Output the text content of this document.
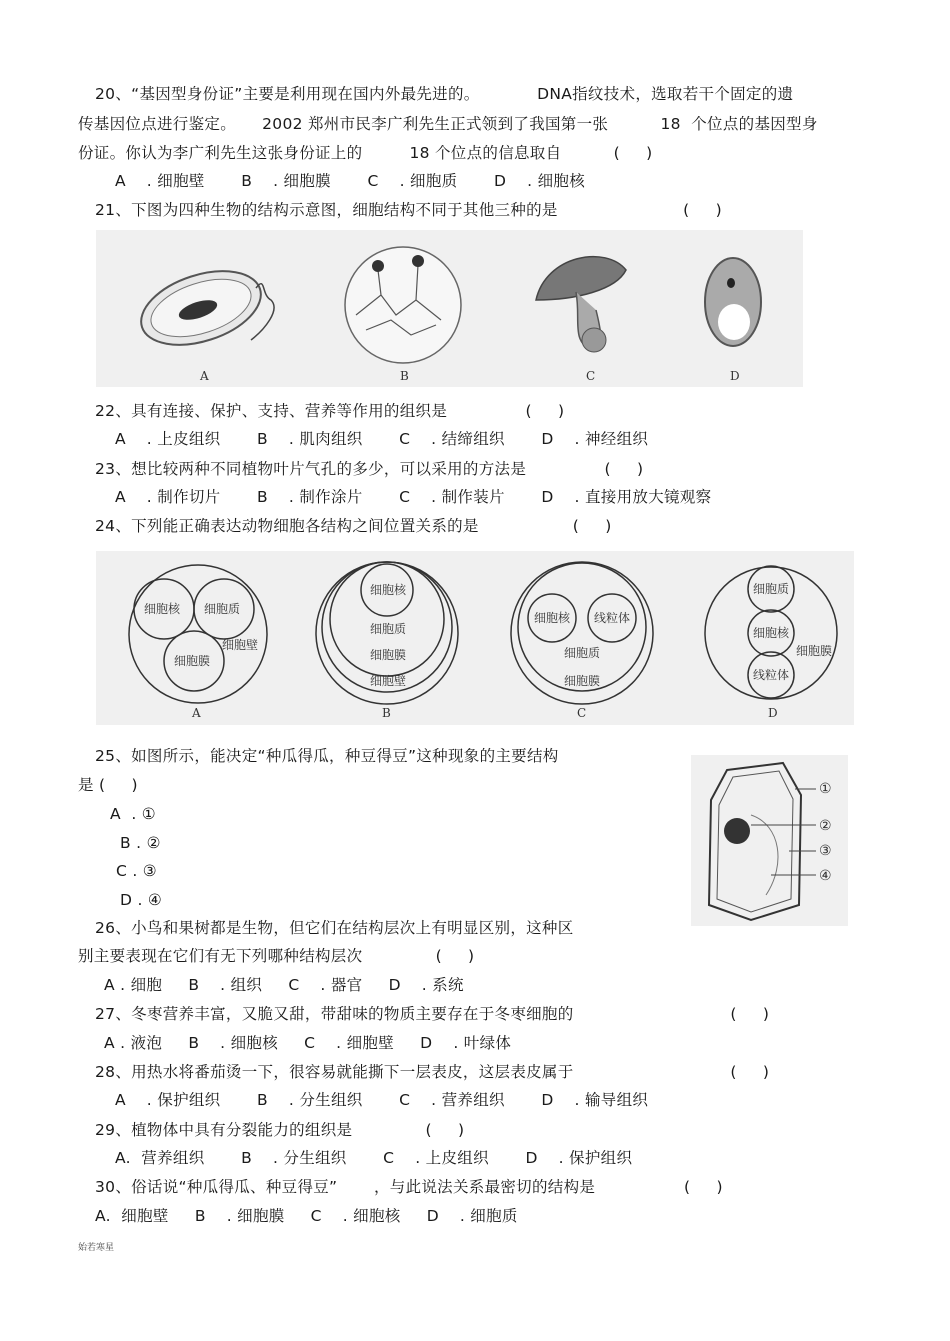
20、“基因型身份证”主要是利用现在国内外最先进的。           DNA指纹技术，选取若干个固定的遗
传基因位点进行鉴定。     2002 郑州市民李广利先生正式领到了我国第一张          18  个位点的基因型身
份证。你认为李广利先生这张身份证上的         18 个位点的信息取自          (     )
A    . 细胞壁       B    . 细胞膜       C    . 细胞质       D    . 细胞核
21、下图为四种生物的结构示意图，细胞结构不同于其他三种的是                        (     )
A	B	C	D
22、具有连接、保护、支持、营养等作用的组织是               (     )
A    . 上皮组织       B    . 肌肉组织       C    . 结缔组织       D    . 神经组织
23、想比较两种不同植物叶片气孔的多少，可以采用的方法是               (     )
A    . 制作切片       B    . 制作涂片       C    . 制作装片       D    . 直接用放大镜观察
24、下列能正确表达动物细胞各结构之间位置关系的是                  (     )
细胞核 细胞质
细胞壁
细胞膜
A
细胞核
细胞质
细胞膜
细胞壁
B
细胞核 线粒体
细胞质
细胞膜
C
细胞质
细胞核
细胞膜
线粒体
D
25、如图所示，能决定“种瓜得瓜，种豆得豆”这种现象的主要结构
是 (     )
A  . ①
B . ②
C . ③
D . ④
①
②
③
④
26、小鸟和果树都是生物，但它们在结构层次上有明显区别，这种区
别主要表现在它们有无下列哪种结构层次              (     )
A . 细胞     B    . 组织     C    . 器官     D    . 系统
27、冬枣营养丰富，又脆又甜，带甜味的物质主要存在于冬枣细胞的                              (     )
A . 液泡     B    . 细胞核     C    . 细胞壁     D    . 叶绿体
28、用热水将番茄烫一下，很容易就能撕下一层表皮，这层表皮属于                              (     )
A    . 保护组织       B    . 分生组织       C    . 营养组织       D    . 输导组织
29、植物体中具有分裂能力的组织是              (     )
A.  营养组织       B    . 分生组织       C    . 上皮组织       D    . 保护组织
30、俗话说“种瓜得瓜、种豆得豆”       ，与此说法关系最密切的结构是                 (     )
A.  细胞壁     B    . 细胞膜     C    . 细胞核     D    . 细胞质
始若寒星
